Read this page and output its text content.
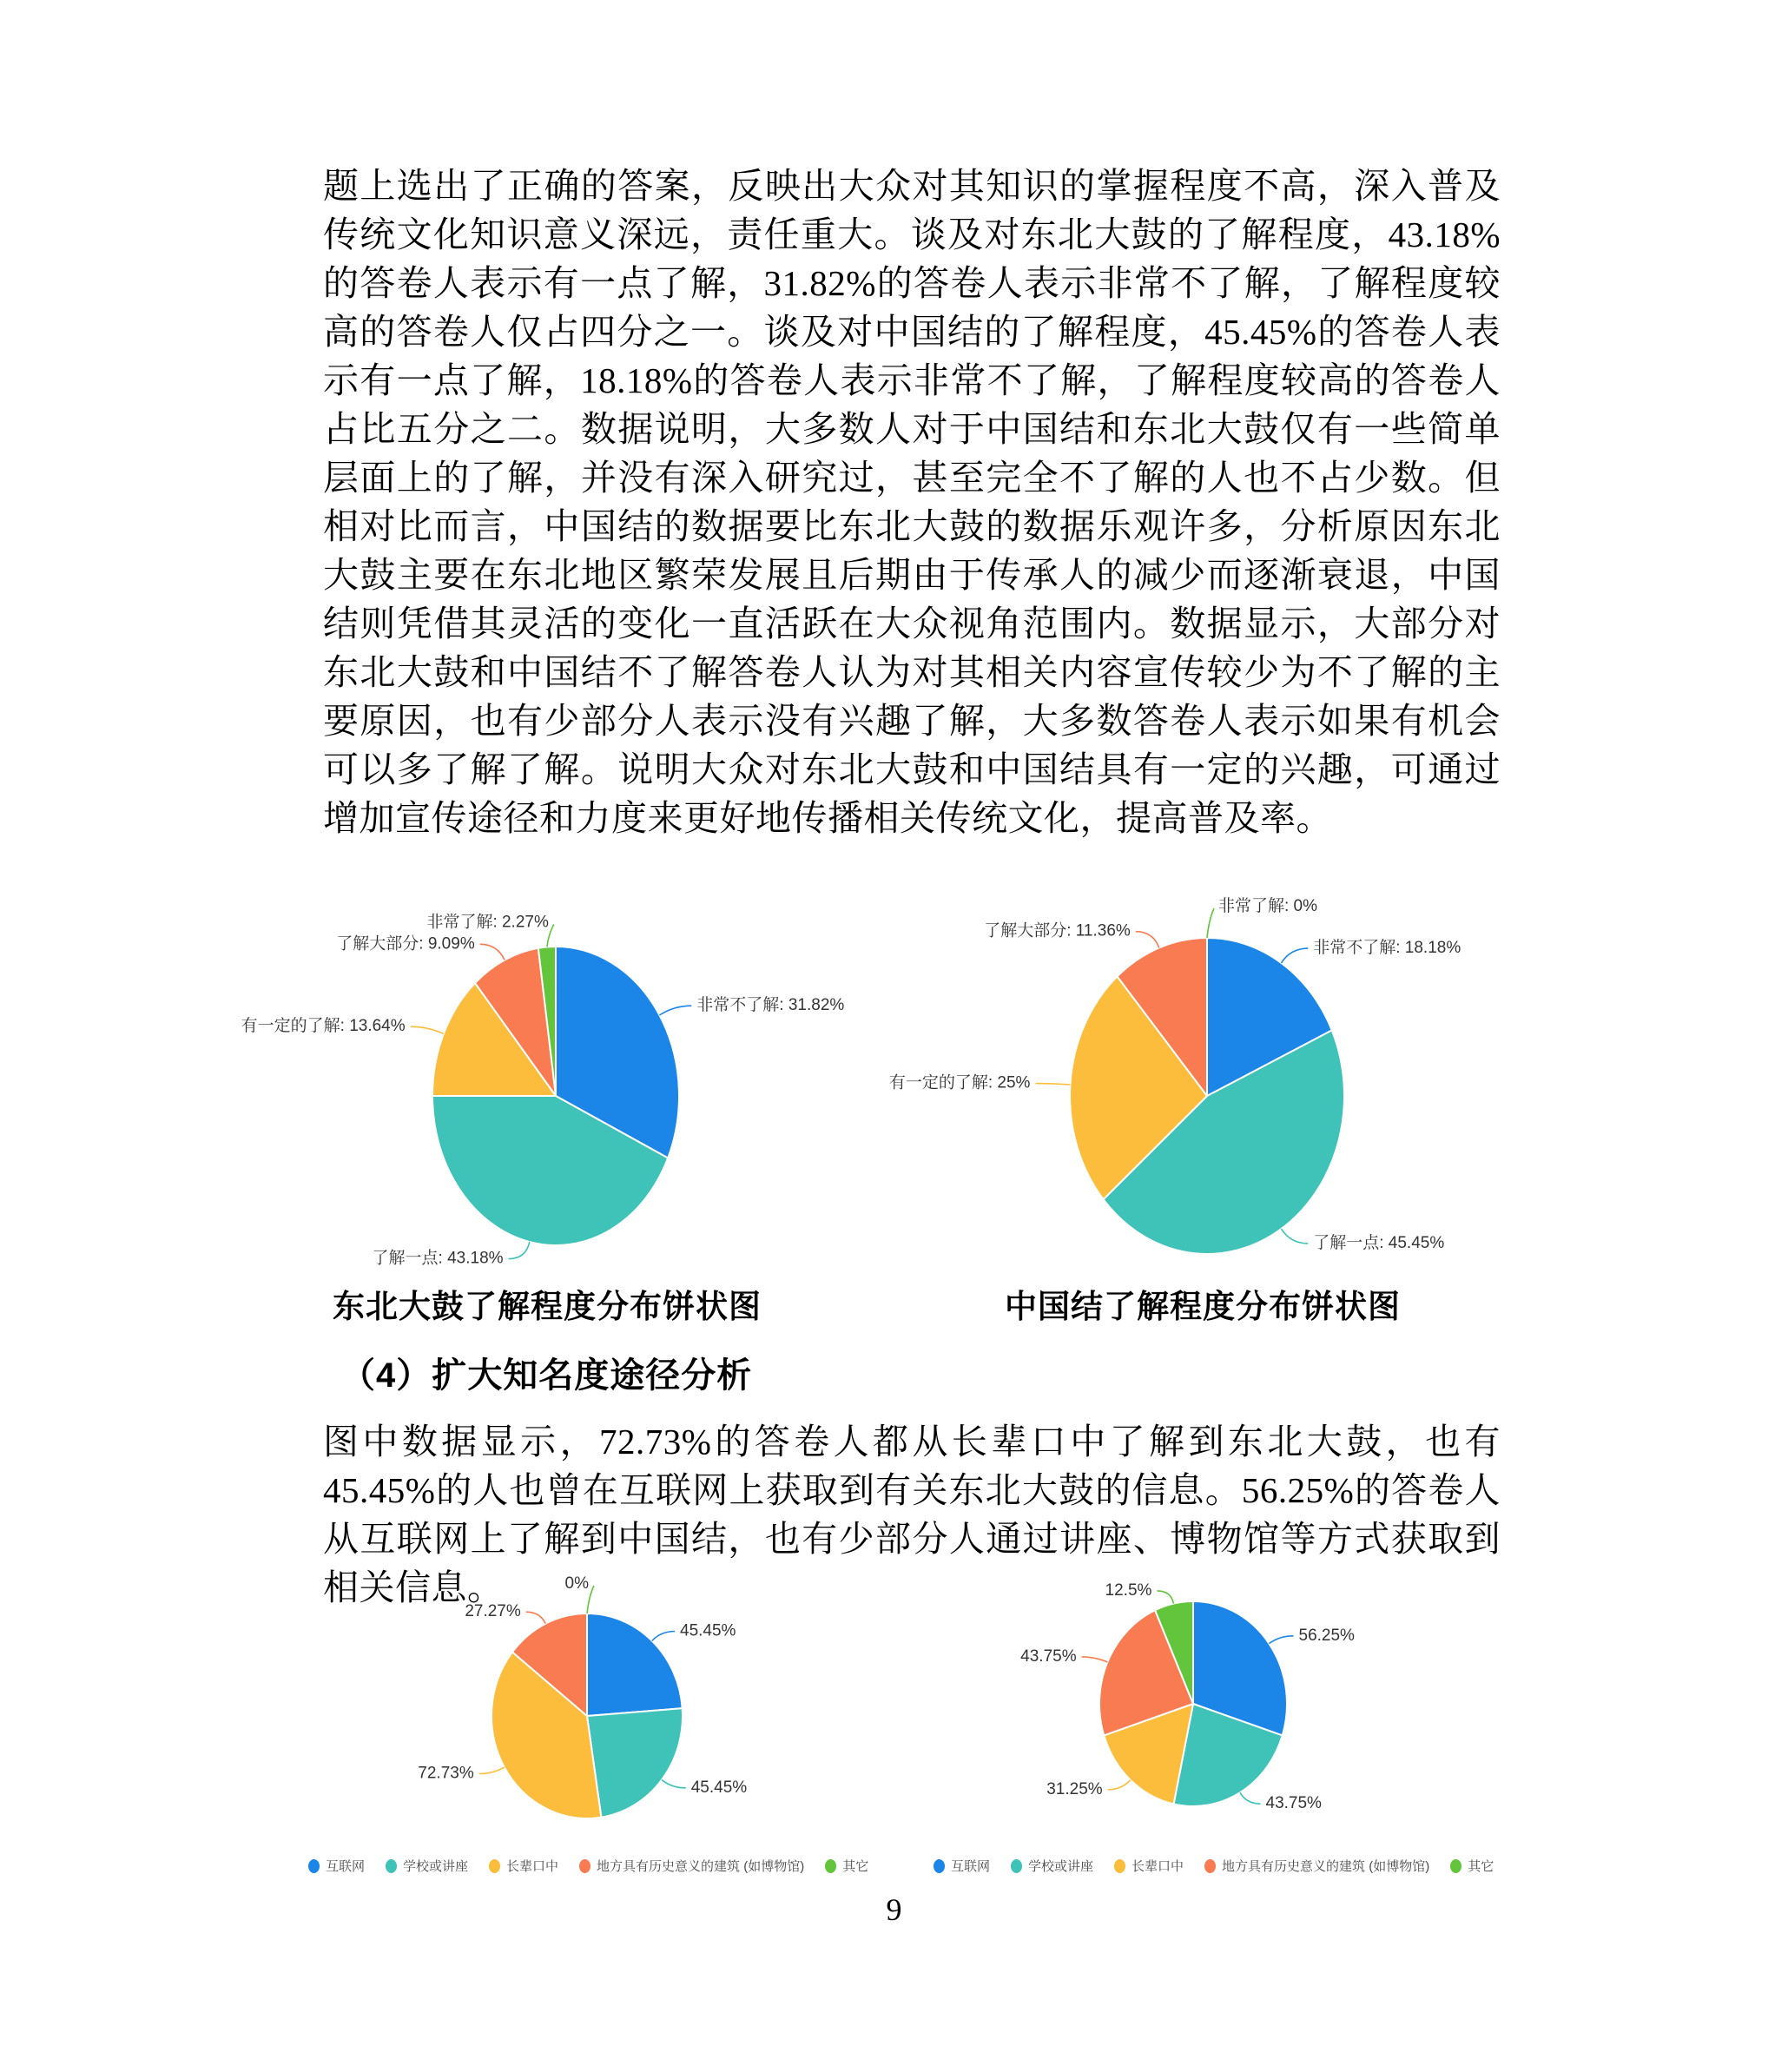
题上选出了正确的答案，反映出大众对其知识的掌握程度不高，深入普及传统文化知识意义深远，责任重大。谈及对东北大鼓的了解程度，43.18%的答卷人表示有一点了解，31.82%的答卷人表示非常不了解，了解程度较高的答卷人仅占四分之一。谈及对中国结的了解程度，45.45%的答卷人表示有一点了解，18.18%的答卷人表示非常不了解，了解程度较高的答卷人占比五分之二。数据说明，大多数人对于中国结和东北大鼓仅有一些简单层面上的了解，并没有深入研究过，甚至完全不了解的人也不占少数。但相对比而言，中国结的数据要比东北大鼓的数据乐观许多，分析原因东北大鼓主要在东北地区繁荣发展且后期由于传承人的减少而逐渐衰退，中国结则凭借其灵活的变化一直活跃在大众视角范围内。数据显示，大部分对东北大鼓和中国结不了解答卷人认为对其相关内容宣传较少为不了解的主要原因，也有少部分人表示没有兴趣了解，大多数答卷人表示如果有机会可以多了解了解。说明大众对东北大鼓和中国结具有一定的兴趣，可通过增加宣传途径和力度来更好地传播相关传统文化，提高普及率。

非常不了解: 31.82%
了解一点: 43.18%
有一定的了解: 13.64%
了解大部分: 9.09%
非常了解: 2.27%
非常不了解: 18.18%
了解一点: 45.45%
有一定的了解: 25%
了解大部分: 11.36%
非常了解: 0%
45.45%
45.45%
72.73%
27.27%
0%
56.25%
43.75%
31.25%
43.75%
12.5%

东北大鼓了解程度分布饼状图	中国结了解程度分布饼状图

（4）扩大知名度途径分析

图中数据显示，72.73%的答卷人都从长辈口中了解到东北大鼓，也有 45.45%的人也曾在互联网上获取到有关东北大鼓的信息。56.25%的答卷人从互联网上了解到中国结，也有少部分人通过讲座、博物馆等方式获取到相关信息。

互联网	学校或讲座	长辈口中	地方具有历史意义的建筑 (如博物馆)	其它	互联网	学校或讲座	长辈口中	地方具有历史意义的建筑 (如博物馆)	其它
9
